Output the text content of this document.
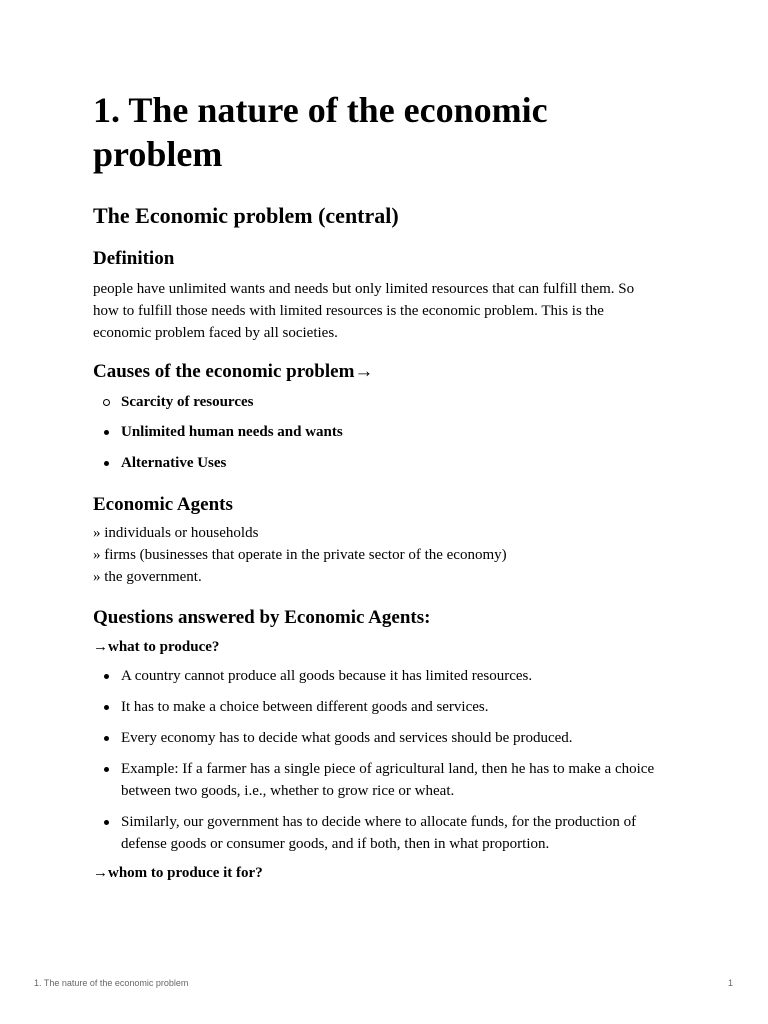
1. The nature of the economic problem
The Economic problem (central)
Definition

people have unlimited wants and needs but only limited resources that can fulfill them. So how to fulfill those needs with limited resources is the economic problem. This is the economic problem faced by all societies.

Causes of the economic problem→
Scarcity of resources
Unlimited human needs and wants
Alternative Uses
Economic Agents
» individuals or households
» firms (businesses that operate in the private sector of the economy)
» the government.
Questions answered by Economic Agents:
→what to produce?
A country cannot produce all goods because it has limited resources.
It has to make a choice between different goods and services.
Every economy has to decide what goods and services should be produced.
Example: If a farmer has a single piece of agricultural land, then he has to make a choice between two goods, i.e., whether to grow rice or wheat.
Similarly, our government has to decide where to allocate funds, for the production of defense goods or consumer goods, and if both, then in what proportion.
→whom to produce it for?
1. The nature of the economic problem	1
